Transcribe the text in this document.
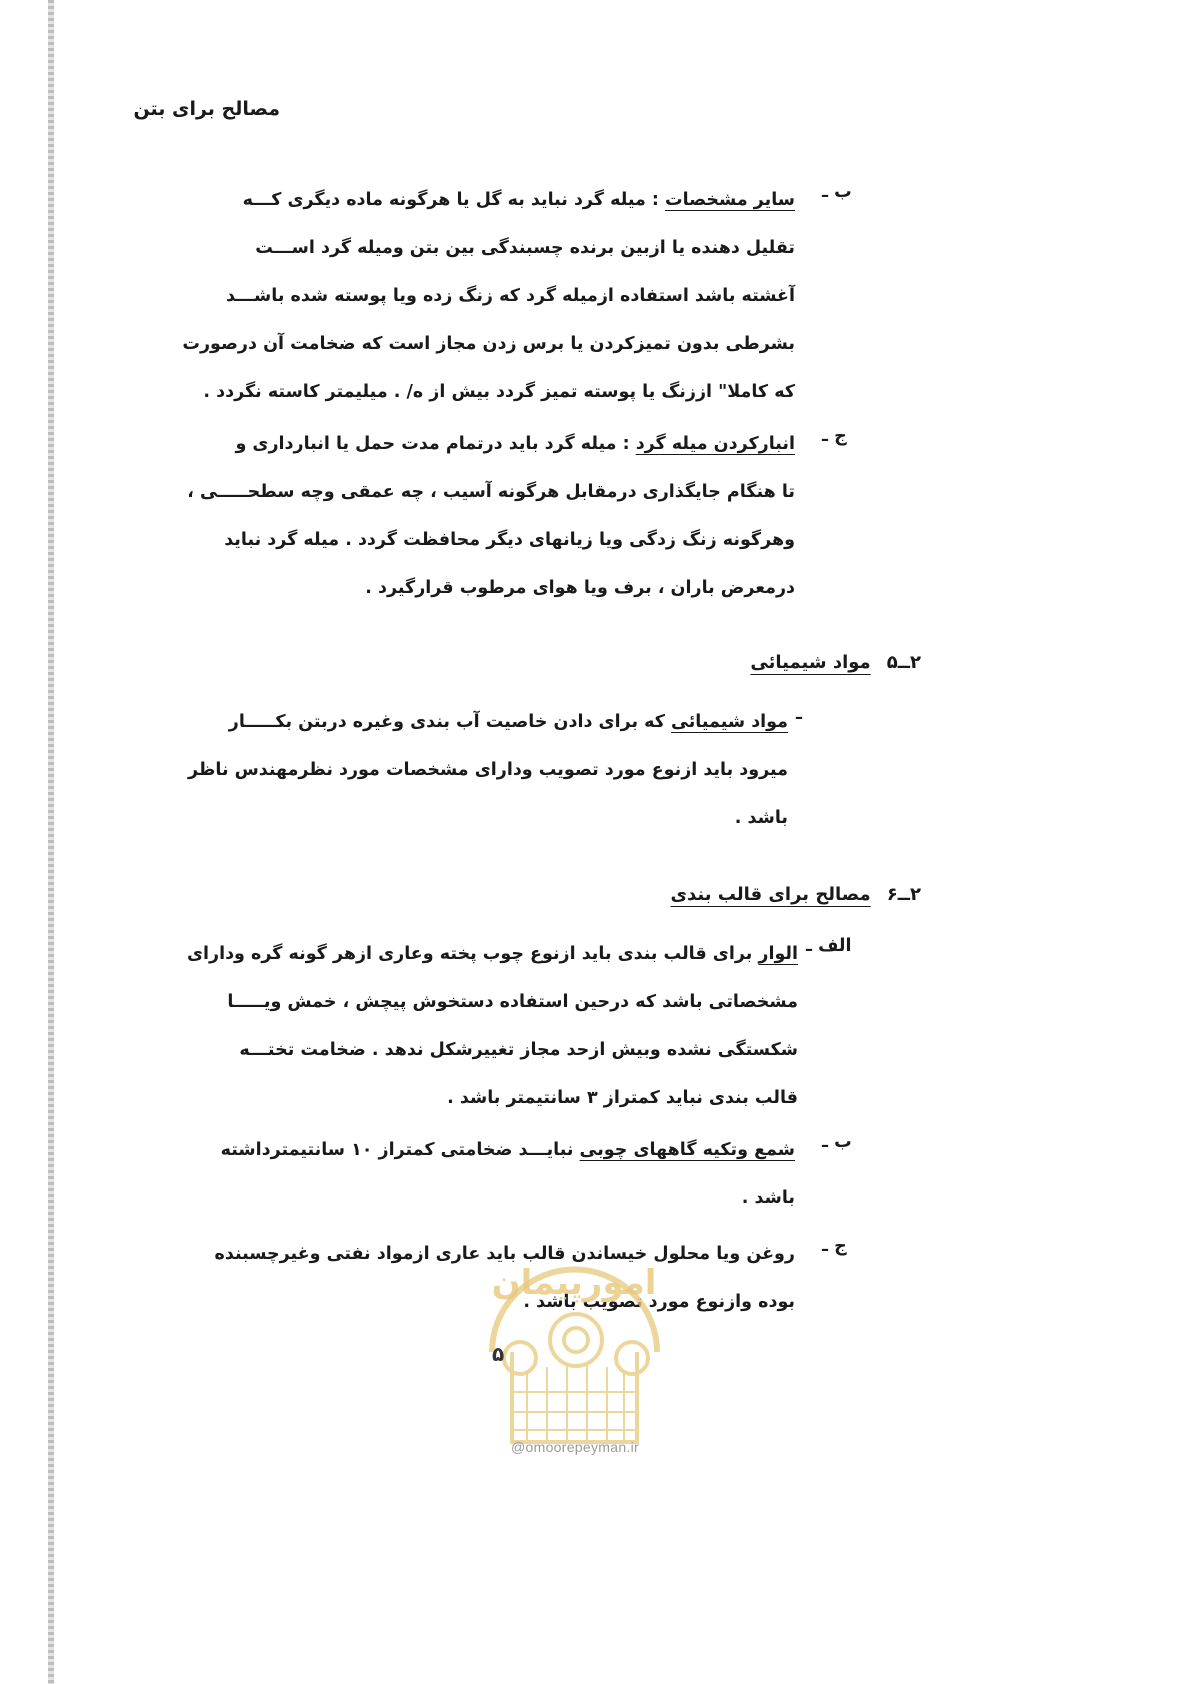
مصالح برای بتن
ب ـ
سایر مشخصات : میله گرد نباید به گل یا هرگونه ماده دیگری کـــه
تقلیل دهنده یا ازبین برنده چسبندگی بین بتن ومیله گرد اســـت
آغشته باشد استفاده ازمیله گرد که زنگ زده ویا پوسته شده باشـــد
بشرطی بدون تمیزکردن یا برس زدن مجاز است که ضخامت آن درصورت
که کاملا" اززنگ یا پوسته تمیز گردد بیش از ه/ . میلیمتر کاسته نگردد .
ج ـ
انبارکردن میله گرد : میله گرد باید درتمام مدت حمل یا انبارداری و
تا هنگام جایگذاری درمقابل هرگونه آسیب ، چه عمقی وچه سطحـــــی ،
وهرگونه زنگ زدگی ویا زیانهای دیگر محافظت گردد . میله گرد نباید
درمعرض باران ، برف ویا هوای مرطوب قرارگیرد .
۲ــ۵مواد شیمیائی
ـ
مواد شیمیائی که برای دادن خاصیت آب بندی وغیره دربتن بکـــــار
میرود باید ازنوع مورد تصویب ودارای مشخصات مورد نظرمهندس ناظر
باشد .
۲ــ۶مصالح برای قالب بندی
الف ـ
الوار برای قالب بندی باید ازنوع چوب پخته وعاری ازهر گونه گره ودارای
مشخصاتی باشد که درحین استفاده دستخوش پیچش ، خمش ویـــــا
شکستگی نشده وبیش ازحد مجاز تغییرشکل ندهد . ضخامت تختـــه
قالب بندی نباید کمتراز ۳ سانتیمتر باشد .
ب ـ
شمع وتکیه گاههای چوبی نبایـــد ضخامتی کمتراز ۱۰ سانتیمترداشته
باشد .
ج ـ
روغن ویا محلول خیساندن قالب باید عاری ازمواد نفتی وغیرچسبنده
بوده وازنوع مورد تصویب باشد .
امورپیمان
۵
@omoorepeyman.ir
